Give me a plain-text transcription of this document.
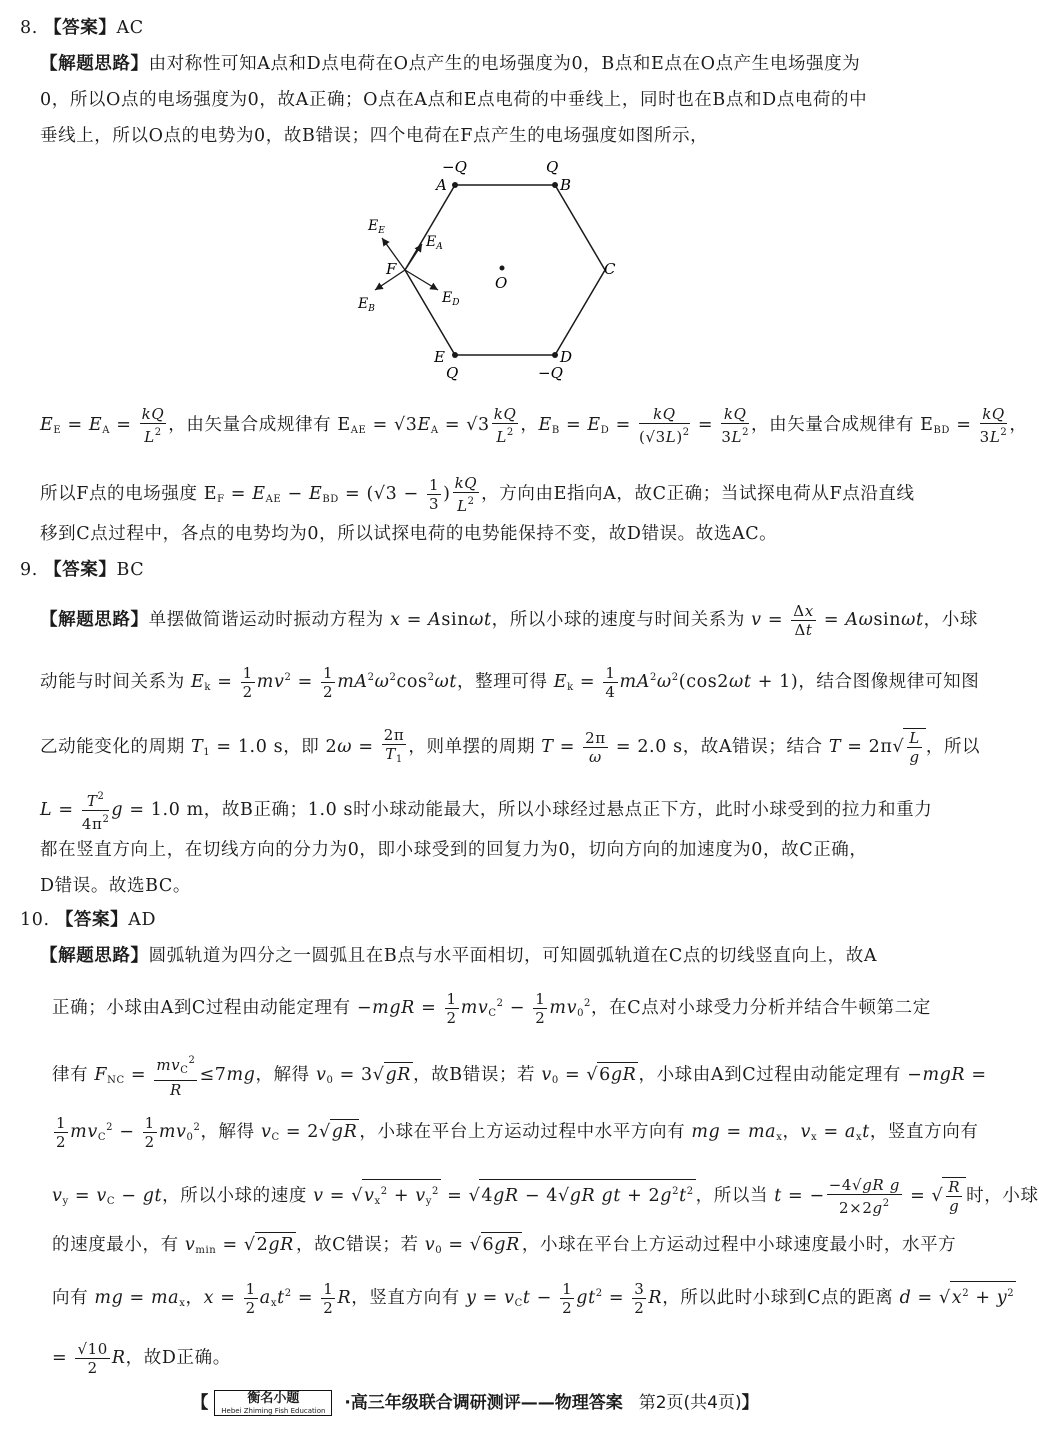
8. 【答案】AC
【解题思路】由对称性可知A点和D点电荷在O点产生的电场强度为0，B点和E点在O点产生电场强度为
0，所以O点的电场强度为0，故A正确；O点在A点和E点电荷的中垂线上，同时也在B点和D点电荷的中
垂线上，所以O点的电势为0，故B错误；四个电荷在F点产生的电场强度如图所示，
−Q	Q
A	B
C
D
E
F
O
Q	−Q
$E_E$
$E_A$
$E_B$
$E_D$
$E_E = E_A = \frac{kQ}{L^2}$ ，由矢量合成规律有 $E_{AE} = √3E_A = √3 \frac{kQ}{L^2}$ ，$E_B = E_D = \frac{kQ}{(√3L)^2} = \frac{kQ}{3L^2}$ ，由矢量合成规律有 $E_{BD} = \frac{kQ}{3L^2}$ ，
所以F点的电场强度 $E_F = E_{AE} - E_{BD} = (√3 - \frac{1}{3}$ ) $\frac{kQ}{L^2}$ ，方向由E指向A，故C正确；当试探电荷从F点沿直线
移到C点过程中，各点的电势均为0，所以试探电荷的电势能保持不变，故D错误。故选AC。
9. 【答案】BC
【解题思路】单摆做简谐运动时振动方程为 x = Asinωt，所以小球的速度与时间关系为 $v = \frac{\Delta x}{\Delta t} = A\omega\sin\omega t$，小球
动能与时间关系为 $E_k = \frac{1}{2} mv^2 = \frac{1}{2} mA^2\omega^2\cos^2\omega t$，整理可得 $E_k = \frac{1}{4} mA^2\omega^2(\cos 2\omega t + 1)$，结合图像规律可知图
乙动能变化的周期 $T_1 = 1.0$ s，即 $2\omega = \frac{2\pi}{T_1}$ ，则单摆的周期 $T = \frac{2\pi}{\omega} = 2.0$ s，故A错误；结合 $T = 2\pi√ \frac{L}{g}$ ，所以
$L = \frac{T^2}{4\pi^2}$ g = 1.0 m，故B正确；1.0 s时小球动能最大，所以小球经过悬点正下方，此时小球受到的拉力和重力
都在竖直方向上，在切线方向的分力为0，即小球受到的回复力为0，切向方向的加速度为0，故C正确，
D错误。故选BC。
10. 【答案】AD
【解题思路】圆弧轨道为四分之一圆弧且在B点与水平面相切，可知圆弧轨道在C点的切线竖直向上，故A
正确；小球由A到C过程由动能定理有 $-mgR = \frac{1}{2} mv_C^2 - \frac{1}{2} mv_0^2$，在C点对小球受力分析并结合牛顿第二定
律有 $F_{NC} = \frac{mv_C^2}{R} \le 7mg$，解得 $v_0 = 3√gR$ ，故B错误；若 $v_0 = √6gR$ ，小球由A到C过程由动能定理有 −mgR =
$\frac{1}{2} mv_C^2 - \frac{1}{2} mv_0^2$，解得 $v_C = 2√gR$ ，小球在平台上方运动过程中水平方向有 mg = $ma_x$，$v_x = a_xt$，竖直方向有
$v_y = v_C$ − gt，所以小球的速度 $v = √v_x^2 + v_y^2 = √4gR - 4√gR$ gt + $2g^2t^2$ ，所以当 t = − $\frac{\text{−4√gR g}}{2\times 2g^2}$ = √ $\frac{R}{g}$ 时，小球
的速度最小，有 $v_{min} = √2gR$ ，故C错误；若 $v_0 = √6gR$ ，小球在平台上方运动过程中小球速度最小时，水平方
向有 mg = $ma_x$，$x = \frac{1}{2} a_xt^2 = \frac{1}{2}$ R，竖直方向有 $y = v_Ct - \frac{1}{2} gt^2 = \frac{3}{2}$ R，所以此时小球到C点的距离 $d = √x^2 + y^2$
= $\frac{√10}{2}$ R，故D正确。
【	衡名小题
Hebei Zhiming Fish Education ·高三年级联合调研测评——物理答案 第2页(共4页)】
